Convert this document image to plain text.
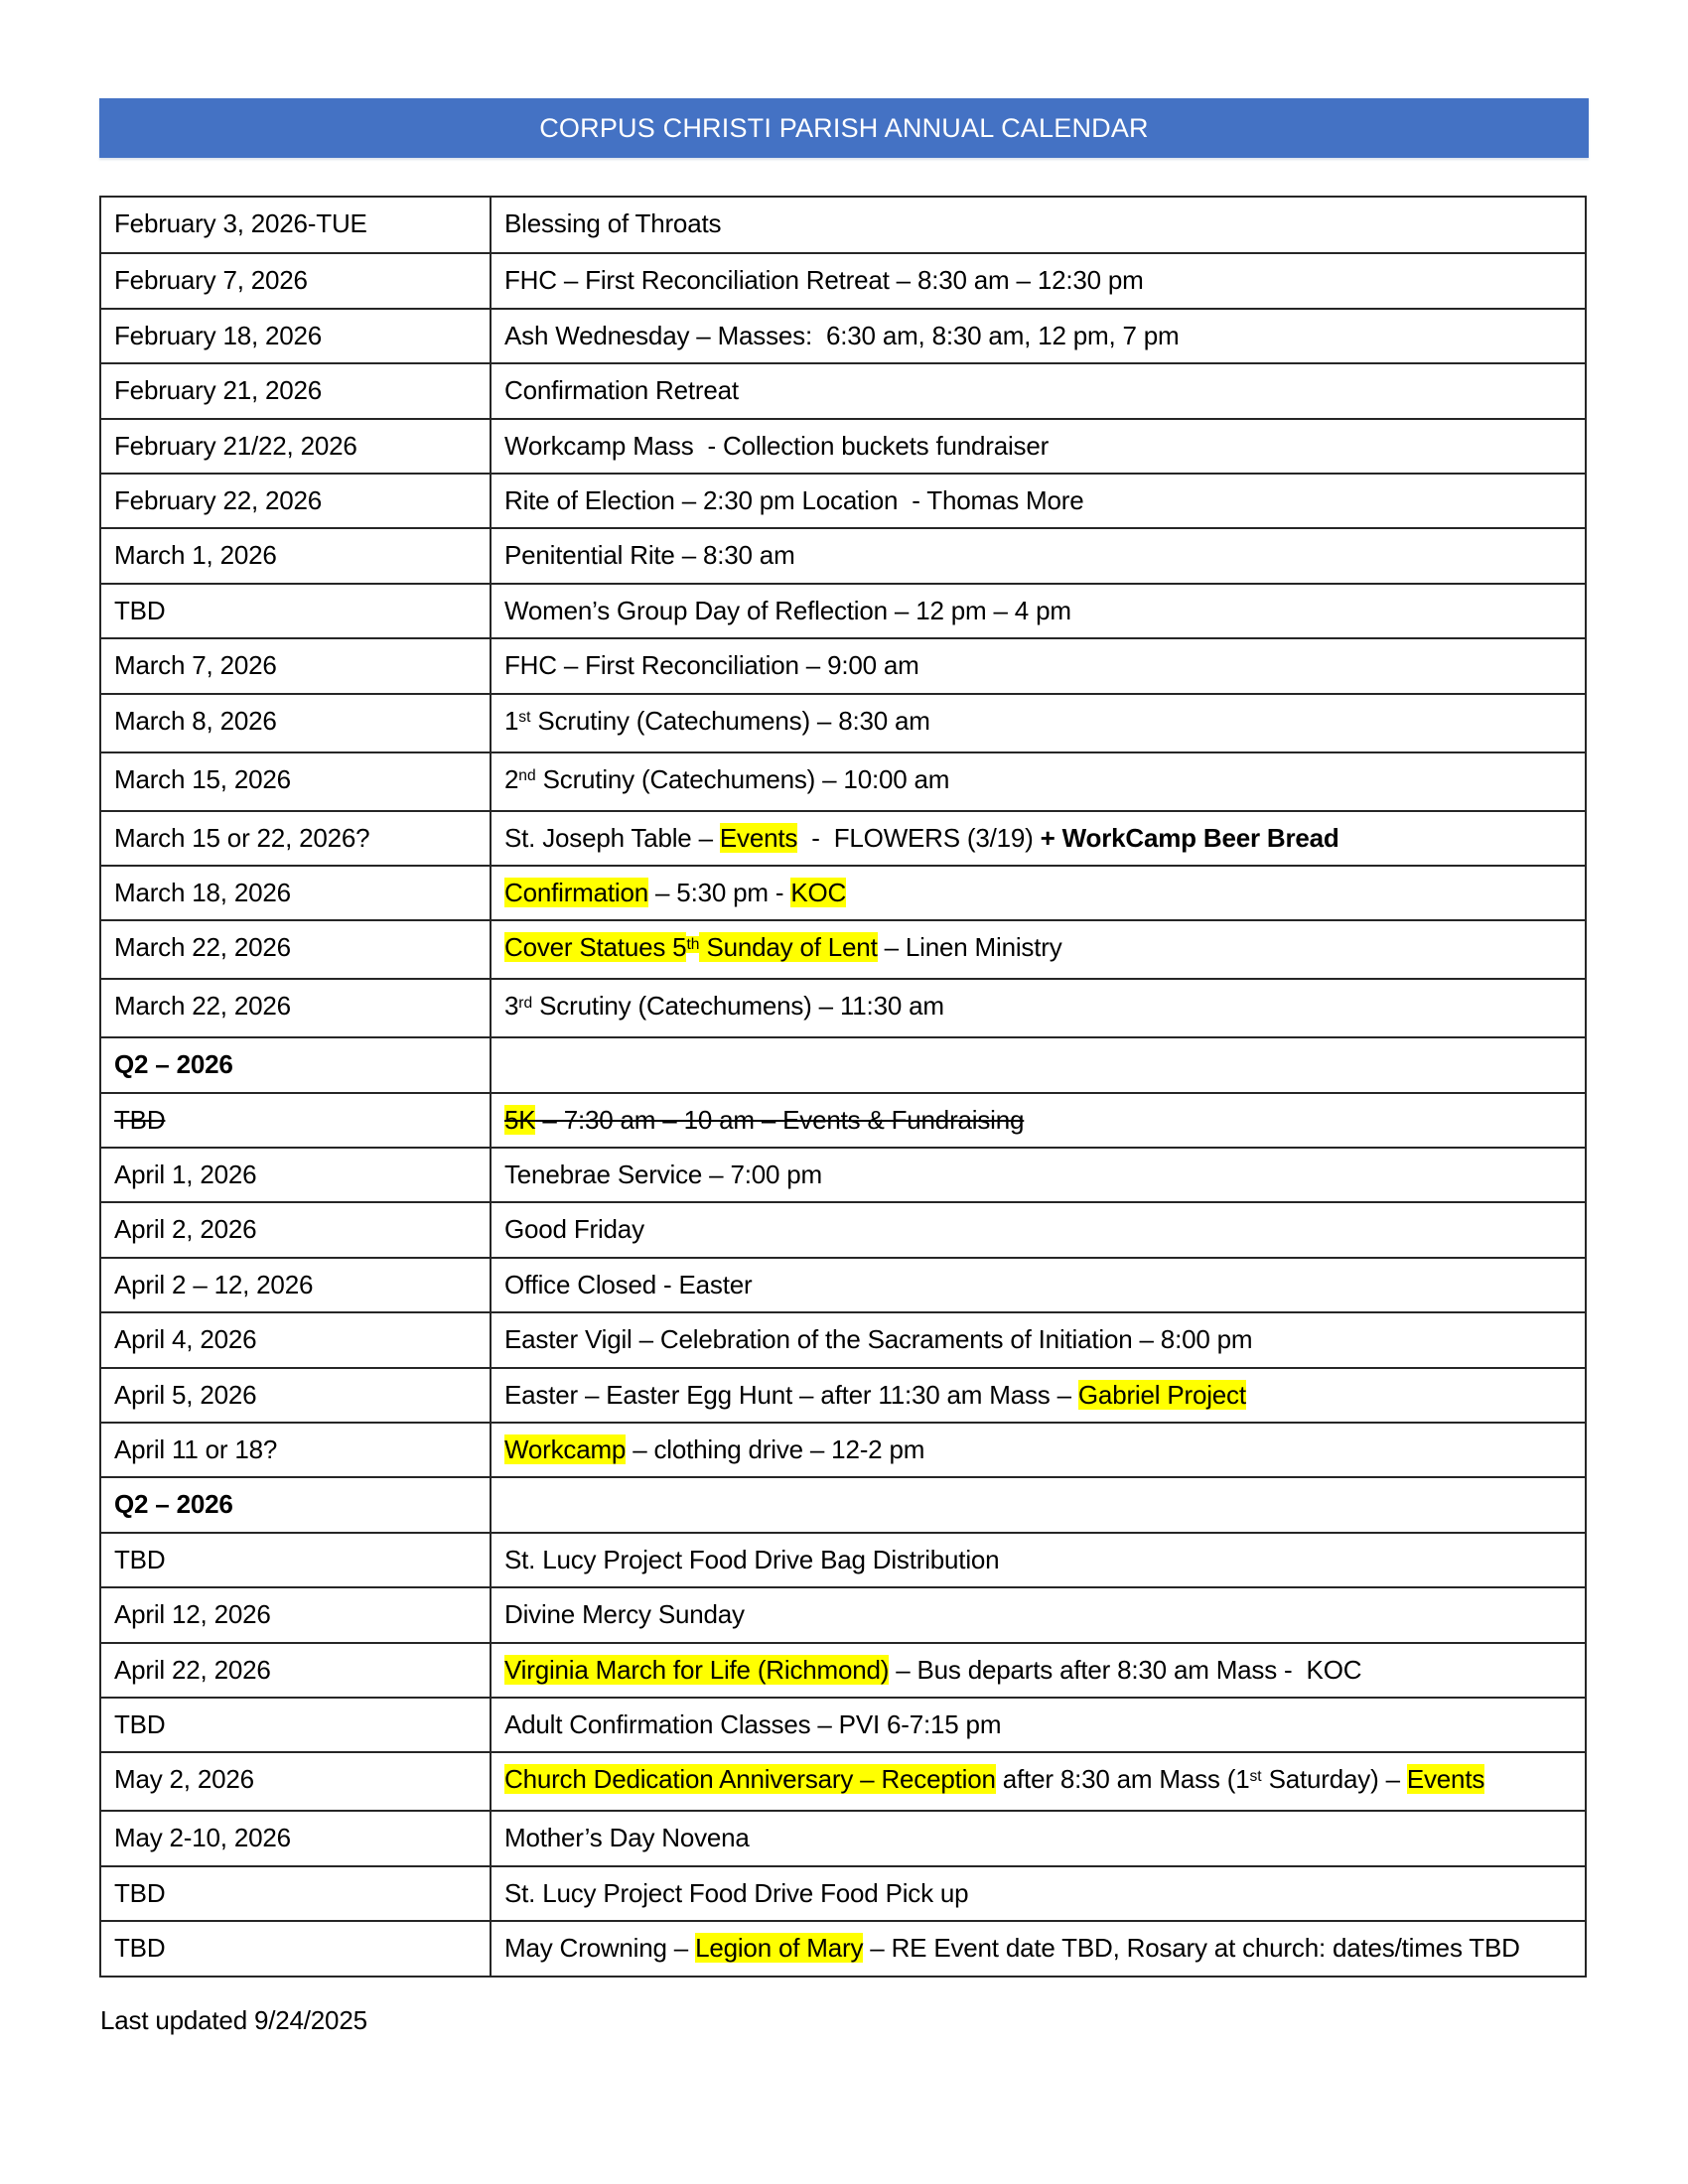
CORPUS CHRISTI PARISH ANNUAL CALENDAR
February 3, 2026-TUE	Blessing of Throats
February 7, 2026	FHC – First Reconciliation Retreat – 8:30 am – 12:30 pm
February 18, 2026	Ash Wednesday – Masses:  6:30 am, 8:30 am, 12 pm, 7 pm
February 21, 2026	Confirmation Retreat
February 21/22, 2026	Workcamp Mass  - Collection buckets fundraiser
February 22, 2026	Rite of Election – 2:30 pm Location  - Thomas More
March 1, 2026	Penitential Rite – 8:30 am
TBD	Women’s Group Day of Reflection – 12 pm – 4 pm
March 7, 2026	FHC – First Reconciliation – 9:00 am
March 8, 2026	1st Scrutiny (Catechumens) – 8:30 am
March 15, 2026	2nd Scrutiny (Catechumens) – 10:00 am
March 15 or 22, 2026?	St. Joseph Table – Events  -  FLOWERS (3/19) + WorkCamp Beer Bread
March 18, 2026	Confirmation – 5:30 pm - KOC
March 22, 2026	Cover Statues 5th Sunday of Lent – Linen Ministry
March 22, 2026	3rd Scrutiny (Catechumens) – 11:30 am
Q2 – 2026
TBD	5K – 7:30 am – 10 am – Events & Fundraising
April 1, 2026	Tenebrae Service – 7:00 pm
April 2, 2026	Good Friday
April 2 – 12, 2026	Office Closed - Easter
April 4, 2026	Easter Vigil – Celebration of the Sacraments of Initiation – 8:00 pm
April 5, 2026	Easter – Easter Egg Hunt – after 11:30 am Mass – Gabriel Project
April 11 or 18?	Workcamp – clothing drive – 12-2 pm
Q2 – 2026
TBD	St. Lucy Project Food Drive Bag Distribution
April 12, 2026	Divine Mercy Sunday
April 22, 2026	Virginia March for Life (Richmond) – Bus departs after 8:30 am Mass -  KOC
TBD	Adult Confirmation Classes – PVI 6-7:15 pm
May 2, 2026	Church Dedication Anniversary – Reception after 8:30 am Mass (1st Saturday) – Events
May 2-10, 2026	Mother’s Day Novena
TBD	St. Lucy Project Food Drive Food Pick up
TBD	May Crowning – Legion of Mary – RE Event date TBD, Rosary at church: dates/times TBD
Last updated 9/24/2025
